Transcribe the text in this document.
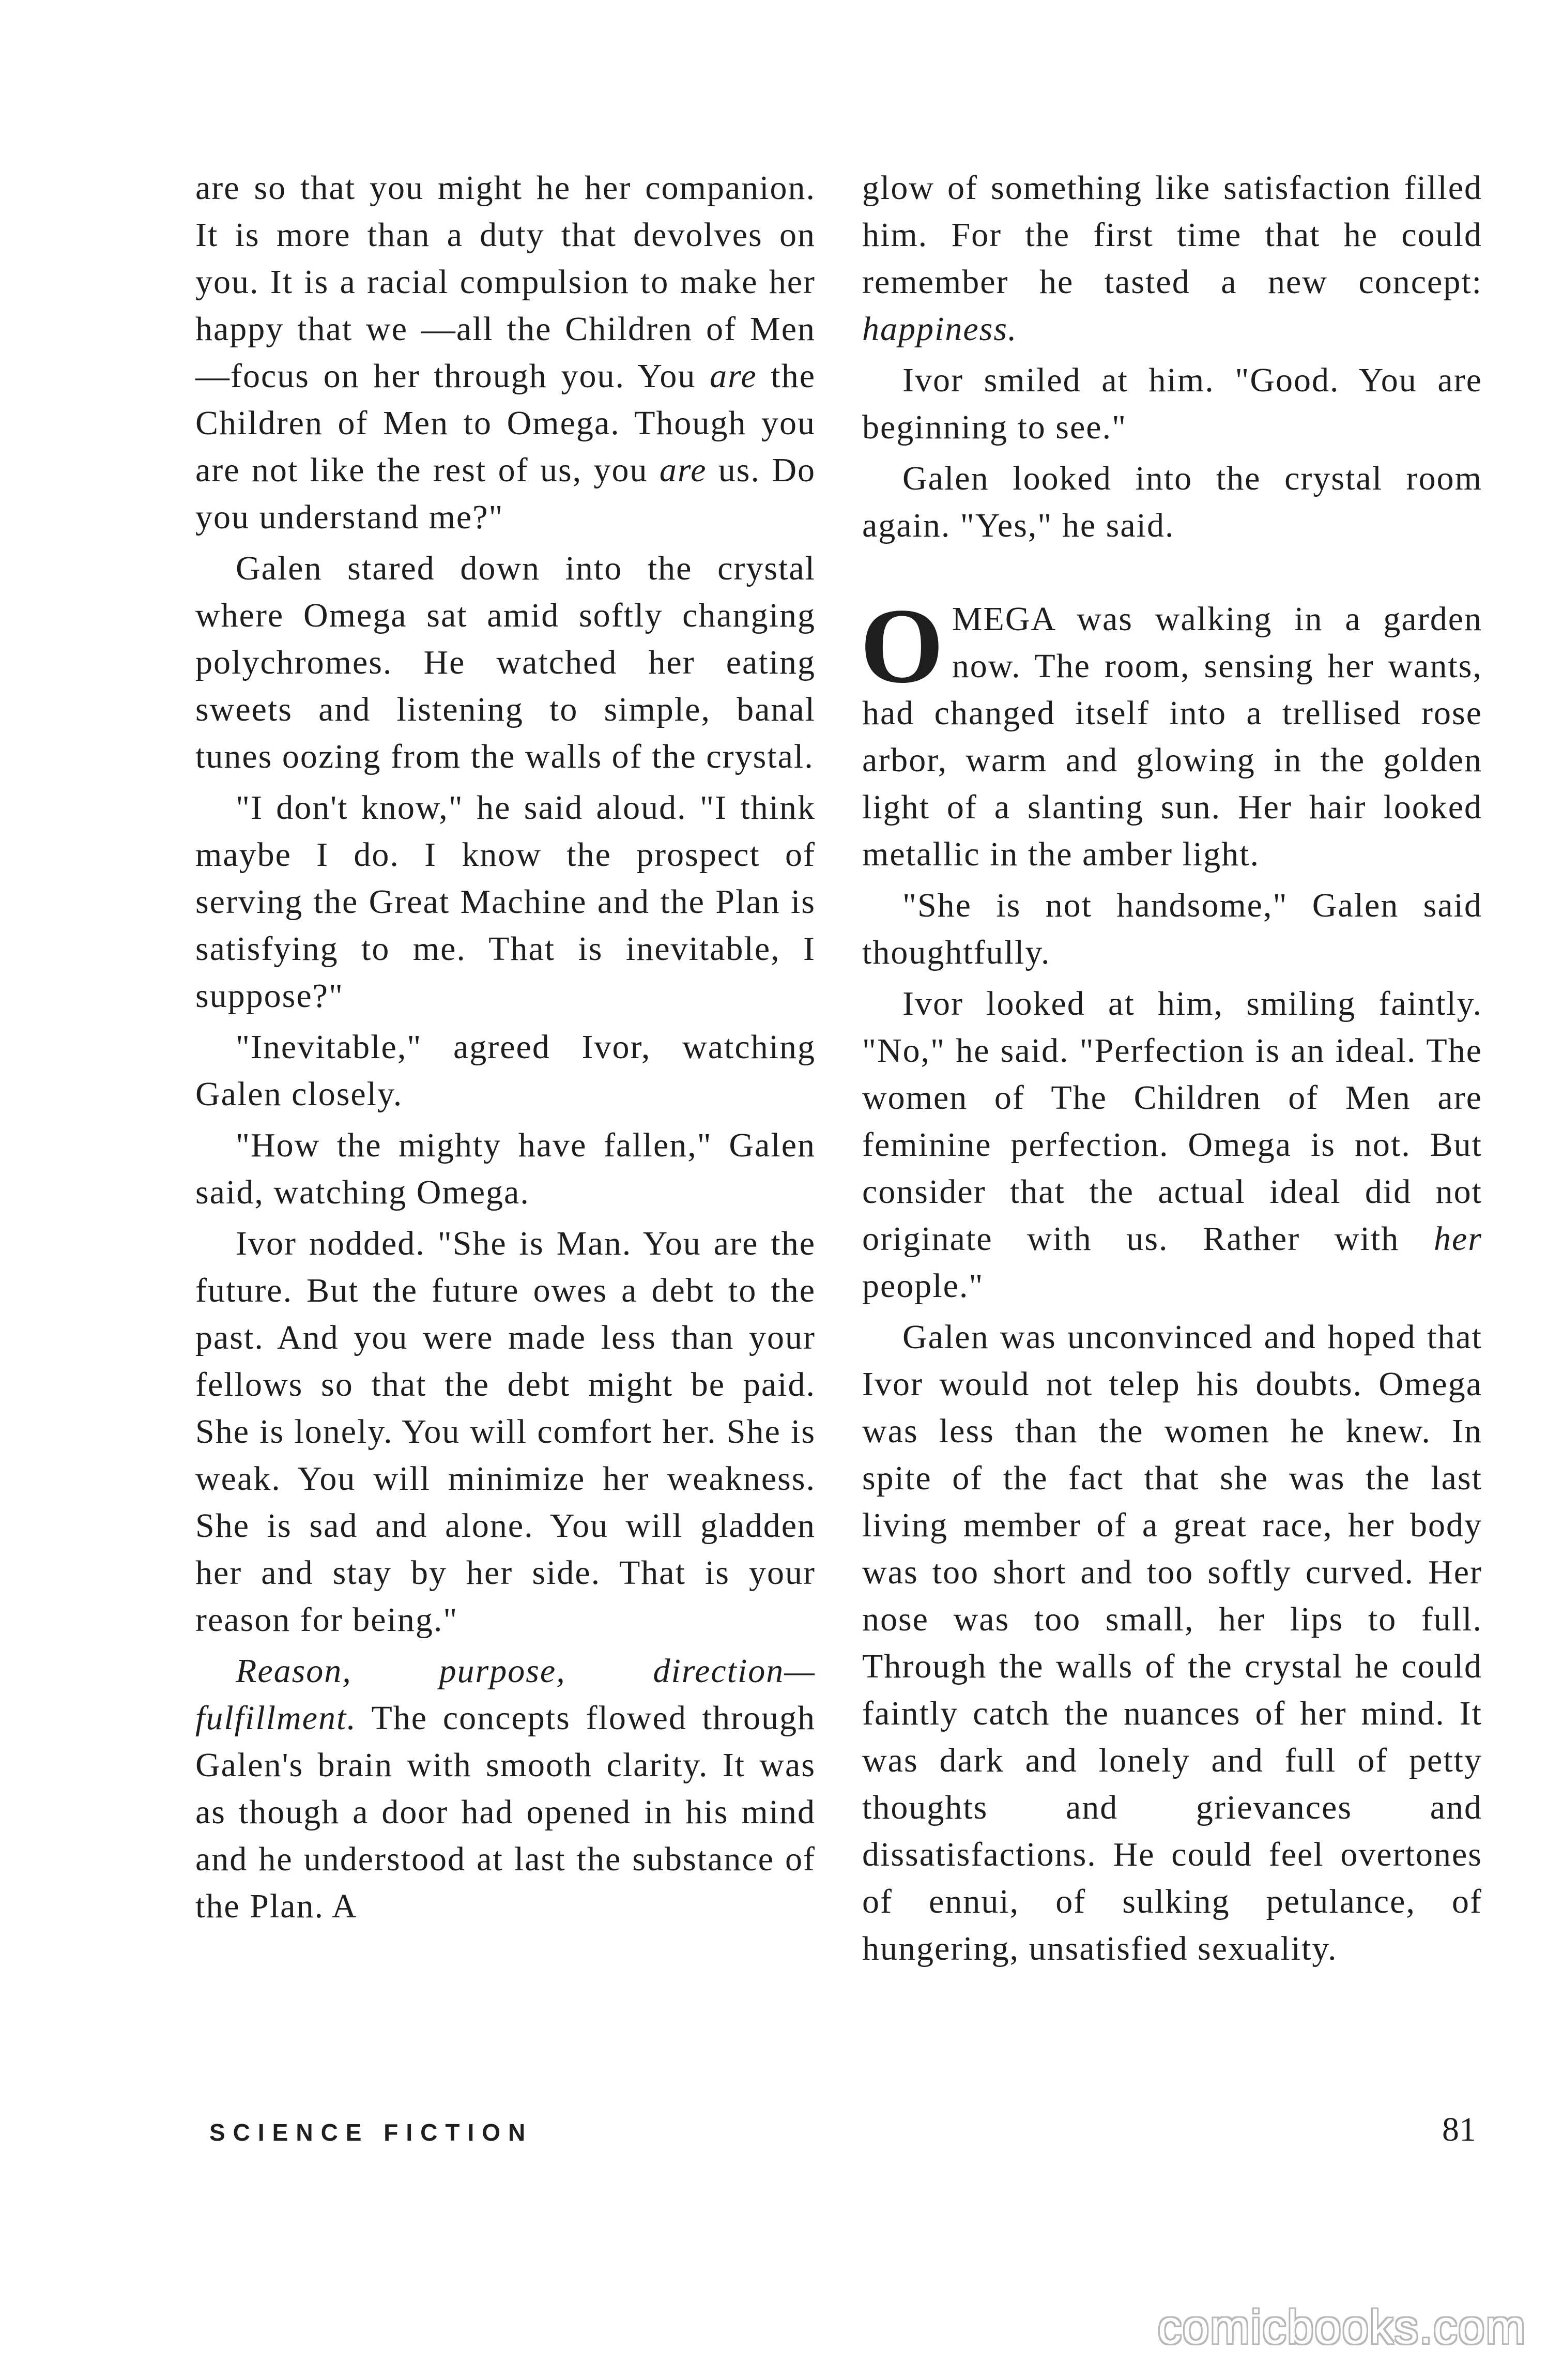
are so that you might he her companion. It is more than a duty that devolves on you. It is a racial compulsion to make her happy that we —all the Children of Men—focus on her through you. You are the Children of Men to Omega. Though you are not like the rest of us, you are us. Do you understand me?"

Galen stared down into the crystal where Omega sat amid softly changing polychromes. He watched her eating sweets and listening to simple, banal tunes oozing from the walls of the crystal.

"I don't know," he said aloud. "I think maybe I do. I know the prospect of serving the Great Machine and the Plan is satisfying to me. That is inevitable, I suppose?"

"Inevitable," agreed Ivor, watching Galen closely.

"How the mighty have fallen," Galen said, watching Omega.

Ivor nodded. "She is Man. You are the future. But the future owes a debt to the past. And you were made less than your fellows so that the debt might be paid. She is lonely. You will comfort her. She is weak. You will minimize her weakness. She is sad and alone. You will gladden her and stay by her side. That is your reason for being."

Reason, purpose, direction—fulfillment. The concepts flowed through Galen's brain with smooth clarity. It was as though a door had opened in his mind and he understood at last the substance of the Plan. A

glow of something like satisfaction filled him. For the first time that he could remember he tasted a new concept: happiness.

Ivor smiled at him. "Good. You are beginning to see."

Galen looked into the crystal room again. "Yes," he said.

OMEGA was walking in a garden now. The room, sensing her wants, had changed itself into a trellised rose arbor, warm and glowing in the golden light of a slanting sun. Her hair looked metallic in the amber light.

"She is not handsome," Galen said thoughtfully.

Ivor looked at him, smiling faintly. "No," he said. "Perfection is an ideal. The women of The Children of Men are feminine perfection. Omega is not. But consider that the actual ideal did not originate with us. Rather with her people."

Galen was unconvinced and hoped that Ivor would not telep his doubts. Omega was less than the women he knew. In spite of the fact that she was the last living member of a great race, her body was too short and too softly curved. Her nose was too small, her lips to full. Through the walls of the crystal he could faintly catch the nuances of her mind. It was dark and lonely and full of petty thoughts and grievances and dissatisfactions. He could feel overtones of ennui, of sulking petulance, of hungering, unsatisfied sexuality.

SCIENCE FICTION	81
comicbooks.com
